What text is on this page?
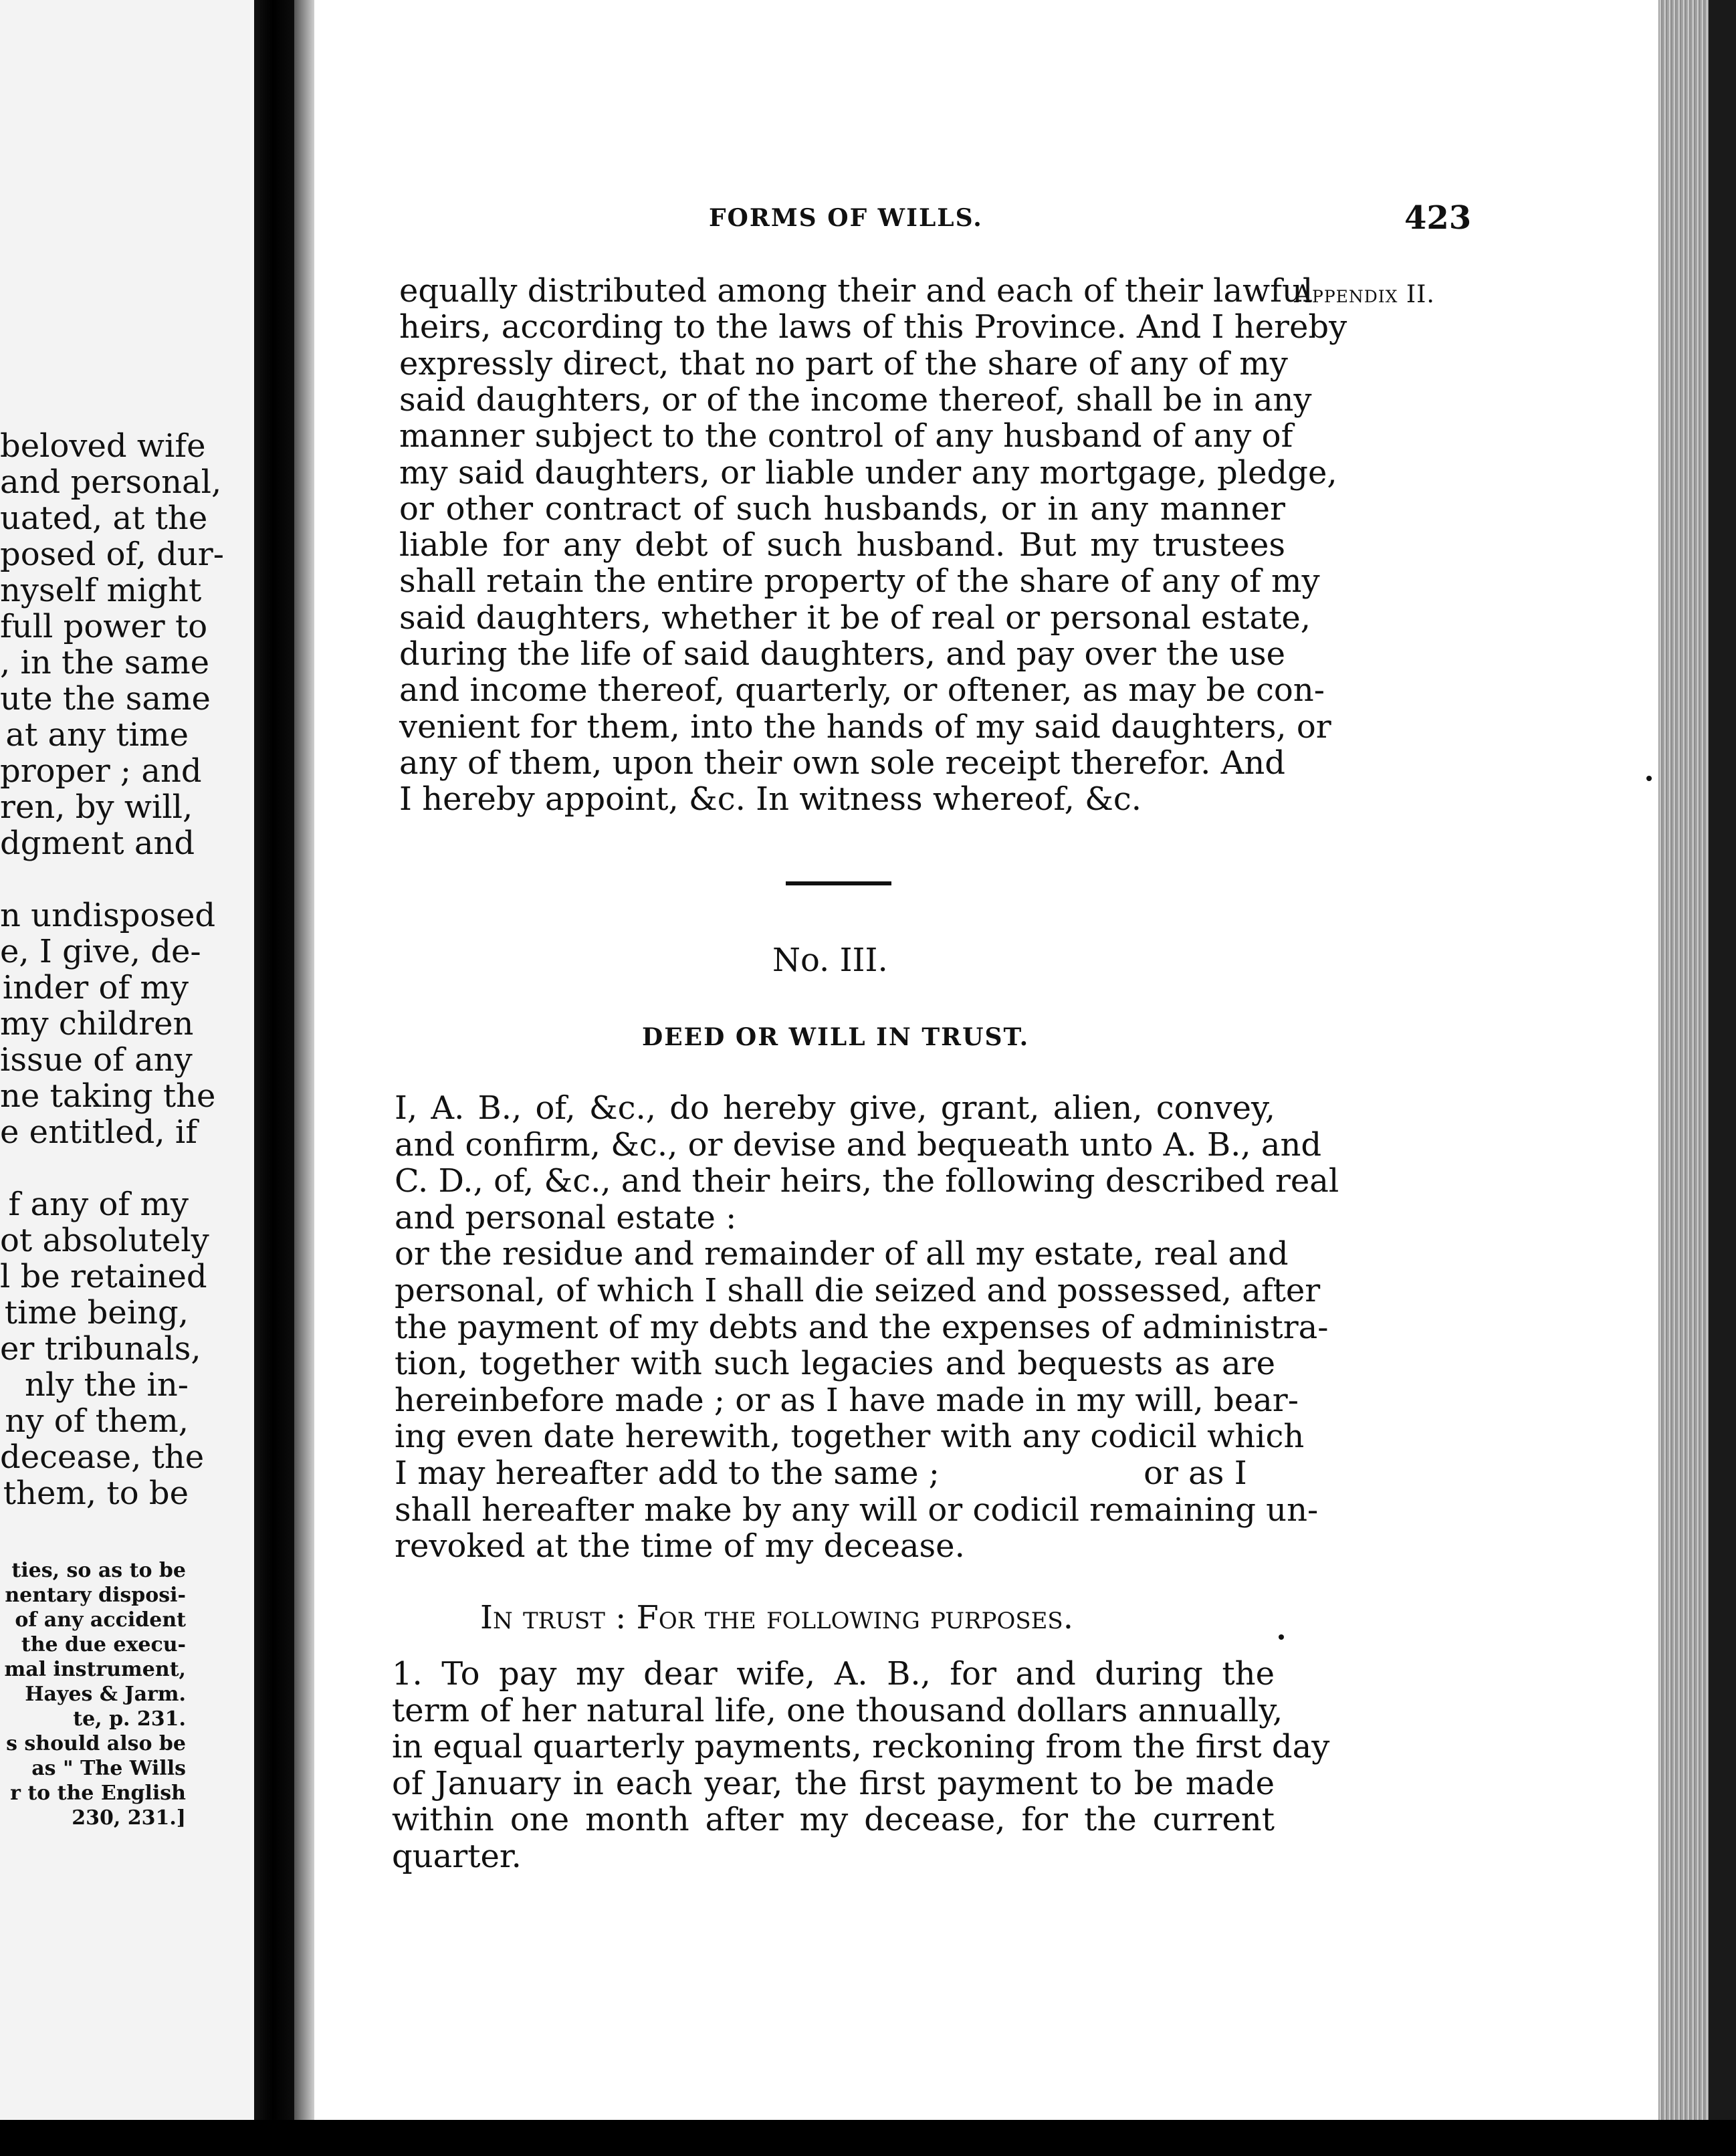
beloved wife
and personal,
uated, at the
posed of, dur-
nyself might
full power to
, in the same
ute the same
at any time
proper ; and
ren, by will,
dgment and
n undisposed
e, I give, de-
inder of my
my children
issue of any
ne taking the
e entitled, if
f any of my
ot absolutely
l be retained
time being,
er tribunals,
nly the in-
ny of them,
decease, the
them, to be
ties, so as to be
nentary disposi-
of any accident
the due execu-
mal instrument,
Hayes & Jarm.
te, p. 231.
s should also be
as " The Wills
r to the English
230, 231.]
FORMS OF WILLS.	423
Appendix II.
equally distributed among their and each of their lawful
heirs, according to the laws of this Province. And I hereby
expressly direct, that no part of the share of any of my
said daughters, or of the income thereof, shall be in any
manner subject to the control of any husband of any of
my said daughters, or liable under any mortgage, pledge,
or other contract of such husbands, or in any manner
liable for any debt of such husband. But my trustees
shall retain the entire property of the share of any of my
said daughters, whether it be of real or personal estate,
during the life of said daughters, and pay over the use
and income thereof, quarterly, or oftener, as may be con-
venient for them, into the hands of my said daughters, or
any of them, upon their own sole receipt therefor. And
I hereby appoint, &c. In witness whereof, &c.
No. III.
DEED OR WILL IN TRUST.
I, A. B., of, &c., do hereby give, grant, alien, convey,
and confirm, &c., or devise and bequeath unto A. B., and
C. D., of, &c., and their heirs, the following described real
and personal estate :
or the residue and remainder of all my estate, real and
personal, of which I shall die seized and possessed, after
the payment of my debts and the expenses of administra-
tion, together with such legacies and bequests as are
hereinbefore made ; or as I have made in my will, bear-
ing even date herewith, together with any codicil which
I may hereafter add to the same ;                    or as I
shall hereafter make by any will or codicil remaining un-
revoked at the time of my decease.
In trust : For the following purposes.
1. To pay my dear wife, A. B., for and during the
term of her natural life, one thousand dollars annually,
in equal quarterly payments, reckoning from the first day
of January in each year, the first payment to be made
within one month after my decease, for the current
quarter.
